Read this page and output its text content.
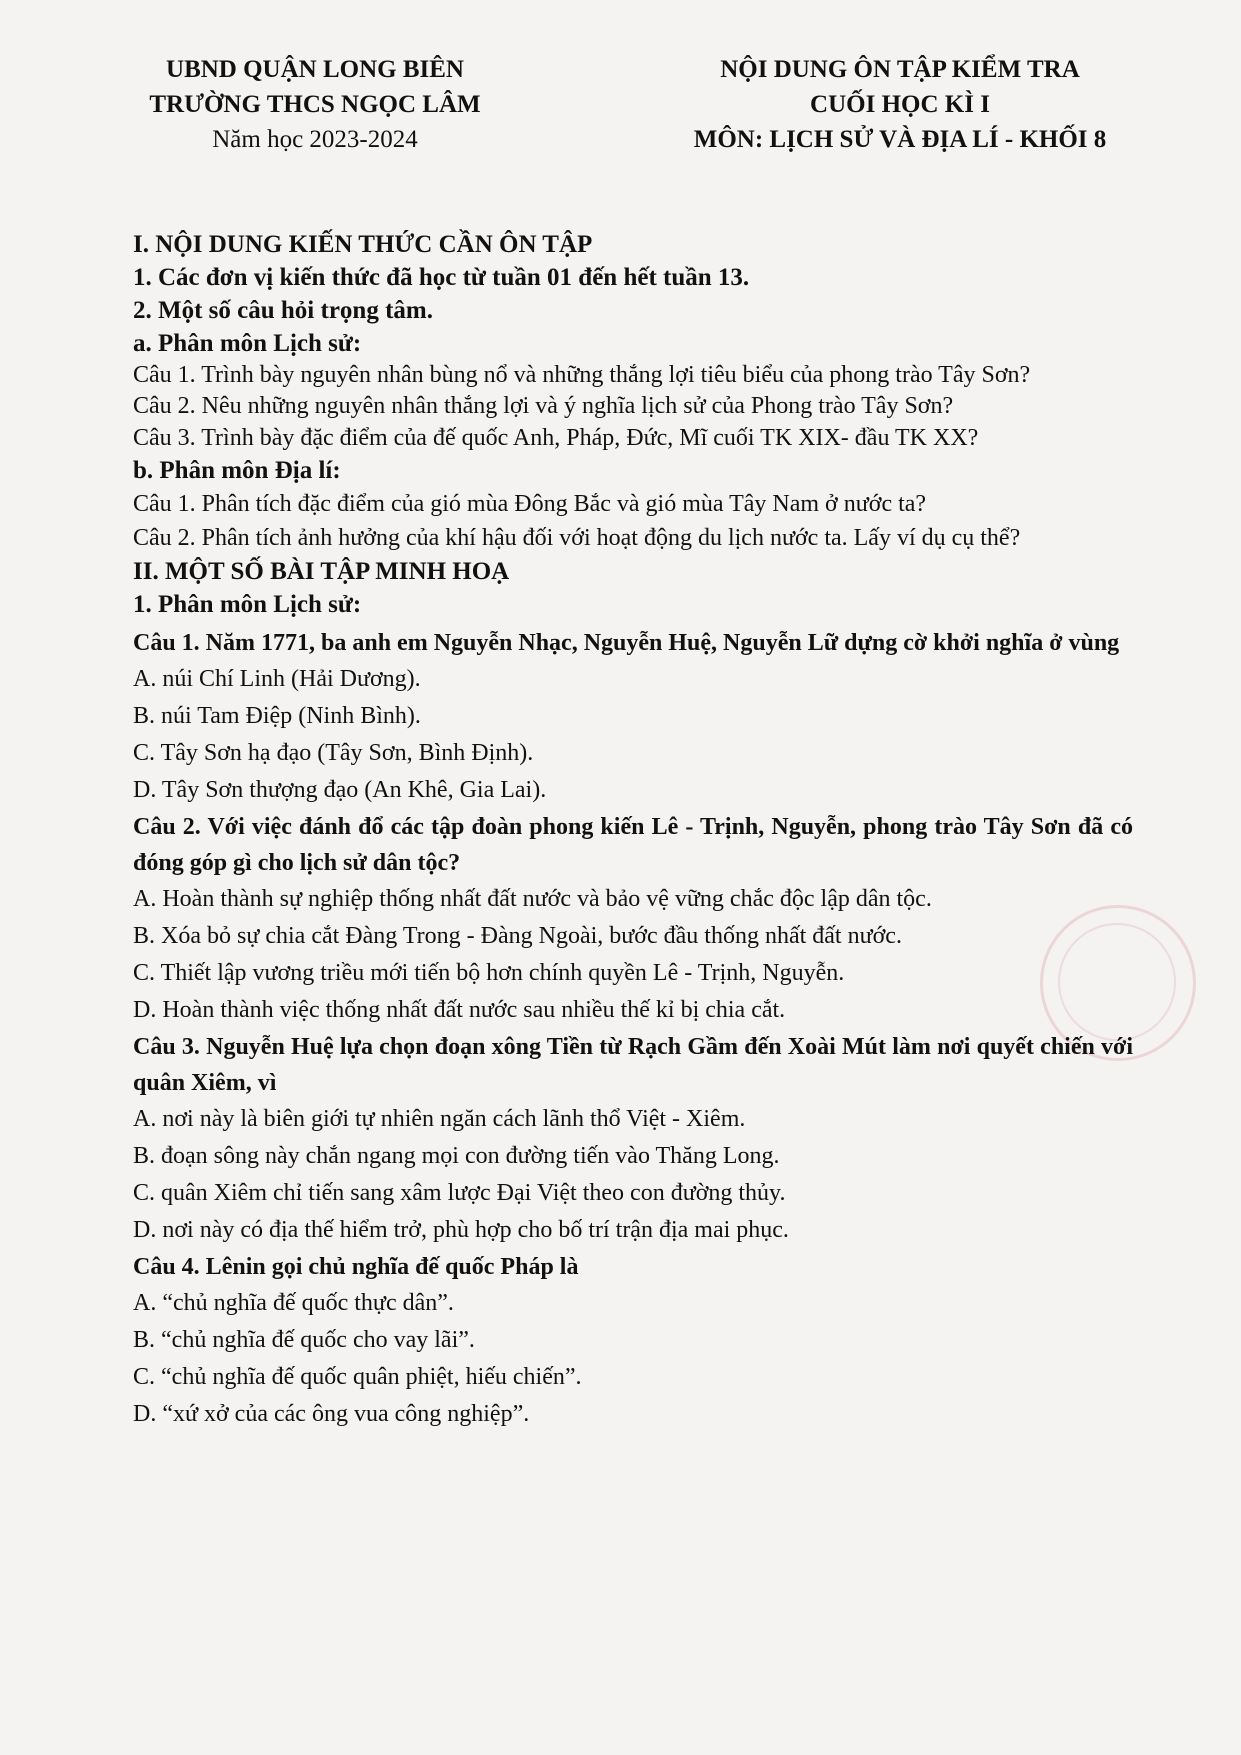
UBND QUẬN LONG BIÊN
TRƯỜNG THCS NGỌC LÂM
Năm học 2023-2024
NỘI DUNG ÔN TẬP KIỂM TRA
CUỐI HỌC KÌ I
MÔN: LỊCH SỬ VÀ ĐỊA LÍ - KHỐI 8
I. NỘI DUNG KIẾN THỨC CẦN ÔN TẬP
1. Các đơn vị kiến thức đã học từ tuần 01 đến hết tuần 13.
2. Một số câu hỏi trọng tâm.
a. Phân môn Lịch sử:
Câu 1. Trình bày nguyên nhân bùng nổ và những thắng lợi tiêu biểu của phong trào Tây Sơn?
Câu 2. Nêu những nguyên nhân thắng lợi và ý nghĩa lịch sử của Phong trào Tây Sơn?
Câu 3. Trình bày đặc điểm của đế quốc Anh, Pháp, Đức, Mĩ cuối TK XIX- đầu TK XX?
b. Phân môn Địa lí:
Câu 1. Phân tích đặc điểm của gió mùa Đông Bắc và gió mùa Tây Nam ở nước ta?
Câu 2. Phân tích ảnh hưởng của khí hậu đối với hoạt động du lịch nước ta. Lấy ví dụ cụ thể?
II. MỘT SỐ BÀI TẬP MINH HOẠ
1. Phân môn Lịch sử:
Câu 1. Năm 1771, ba anh em Nguyễn Nhạc, Nguyễn Huệ, Nguyễn Lữ dựng cờ khởi nghĩa ở vùng
A. núi Chí Linh (Hải Dương).
B. núi Tam Điệp (Ninh Bình).
C. Tây Sơn hạ đạo (Tây Sơn, Bình Định).
D. Tây Sơn thượng đạo (An Khê, Gia Lai).
Câu 2. Với việc đánh đổ các tập đoàn phong kiến Lê - Trịnh, Nguyễn, phong trào Tây Sơn đã có đóng góp gì cho lịch sử dân tộc?
A. Hoàn thành sự nghiệp thống nhất đất nước và bảo vệ vững chắc độc lập dân tộc.
B. Xóa bỏ sự chia cắt Đàng Trong - Đàng Ngoài, bước đầu thống nhất đất nước.
C. Thiết lập vương triều mới tiến bộ hơn chính quyền Lê - Trịnh, Nguyễn.
D. Hoàn thành việc thống nhất đất nước sau nhiều thế kỉ bị chia cắt.
Câu 3. Nguyễn Huệ lựa chọn đoạn xông Tiền từ Rạch Gầm đến Xoài Mút làm nơi quyết chiến với quân Xiêm, vì
A. nơi này là biên giới tự nhiên ngăn cách lãnh thổ Việt - Xiêm.
B. đoạn sông này chắn ngang mọi con đường tiến vào Thăng Long.
C. quân Xiêm chỉ tiến sang xâm lược Đại Việt theo con đường thủy.
D. nơi này có địa thế hiểm trở, phù hợp cho bố trí trận địa mai phục.
Câu 4. Lênin gọi chủ nghĩa đế quốc Pháp là
A. “chủ nghĩa đế quốc thực dân”.
B. “chủ nghĩa đế quốc cho vay lãi”.
C. “chủ nghĩa đế quốc quân phiệt, hiếu chiến”.
D. “xứ xở của các ông vua công nghiệp”.
